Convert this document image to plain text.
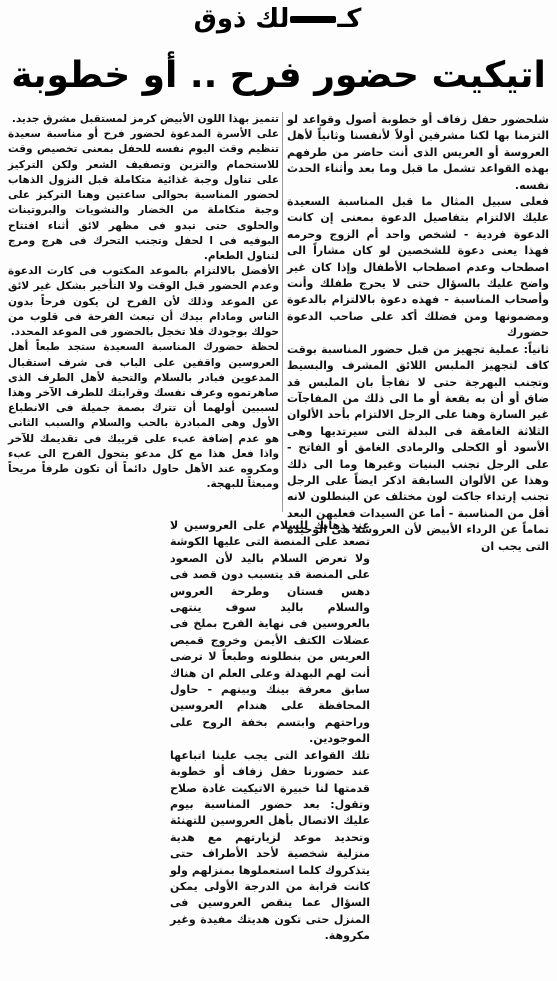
كـ
لك ذوق
اتيكيت حضور فرح .. أو خطوبة

شلحضور حفل زفاف أو خطوبة أصول وقواعد لو التزمنا بها لكنا مشرفين أولاً لأنفسنا وثانياً لأهل العروسة أو العريس الذى أنت حاضر من طرفهم بهذه القواعد تشمل ما قبل وما بعد وأثناء الحدث نفسه.

فعلى سبيل المثال ما قبل المناسبة السعيدة عليك الالتزام بتفاصيل الدعوة بمعنى إن كانت الدعوة فردية - لشخص واحد أم الزوج وحرمه فهذا يعنى دعوة للشخصين لو كان مشاراً الى اصطحاب وعدم اصطحاب الأطفال وإذا كان غير واضح عليك بالسؤال حتى لا يحرج طفلك وأنت وأصحاب المناسبة - فهذه دعوة بالالتزام بالدعوة ومضمونها ومن فضلك أكد على صاحب الدعوة حضورك

ثانياً: عملية تجهيز من قبل حضور المناسبة بوقت كاف لتجهيز الملبس اللائق المشرف والبسيط وتجنب البهرجة حتى لا تفاجأ بان الملبس قد ضاق أو أن به بقعة أو ما الى ذلك من المفاجآت غير السارة وهنا على الرجل الالتزام بأحد الألوان الثلاثة الغامقة فى البدلة التى سيرتديها وهى الأسود أو الكحلى والرمادى الغامق أو الفاتح - على الرجل تجنب البنيات وغيرها وما الى ذلك وهذا عن الألوان السابقة اذكر ايضاً على الرجل تجنب إرتداء جاكت لون مختلف عن البنطلون لانه أقل من المناسبة - أما عن السيدات فعليهن البعد تماماً عن الرداء الأبيض لأن العروسة هى الوحيدة التى يجب ان

تتميز بهذا اللون الأبيض كرمز لمستقبل مشرق جديد.

على الأسرة المدعوة لحضور فرح أو مناسبة سعيدة تنظيم وقت اليوم نفسه للحفل بمعنى تخصيص وقت للاستحمام والتزين وتصفيف الشعر ولكن التركيز على تناول وجبة غذائية متكاملة قبل النزول الذهاب لحضور المناسبة بحوالى ساعتين وهنا التركيز على وجبة متكاملة من الخضار والنشويات والبروتينات والحلوى حتى تبدو فى مظهر لائق أثناء افتتاح البوفيه فى ا لحفل وتجنب التحرك فى هرج ومرج لتناول الطعام.

الأفضل بالالتزام بالموعد المكتوب فى كارت الدعوة وعدم الحضور قبل الوقت ولا التأخير بشكل غير لائق عن الموعد وذلك لأن الفرح لن يكون فرحاً بدون الناس ومادام بيدك أن تبعث الفرحة فى قلوب من حولك بوجودك فلا تخجل بالحضور فى الموعد المحدد.

لحظة حضورك المناسبة السعيدة ستجد طبعاً أهل العروسين واقفين على الباب فى شرف استقبال المدعوين فبادر بالسلام والتحية لأهل الطرف الذى صاهرتموه وعرف نفسك وقرابتك للطرف الآخر وهذا لسببين أولهما أن تترك بصمة جميلة فى الانطباع الأول وهى المبادرة بالحب والسلام والسبب الثانى هو عدم إضافة عبء على قريبك فى تقديمك للآخر واذا فعل هذا مع كل مدعو يتحول الفرح الى عبء ومكروه عند الأهل حاول دائماً أن تكون طرفاً مريحاً ومبعثاً للبهجة.

عند ذهابك للسلام على العروسين لا تصعد على المنصة التى عليها الكوشة ولا تعرض السلام باليد لأن الصعود على المنصة قد يتسبب دون قصد فى دهس فستان وطرحة العروس والسلام باليد سوف ينتهى بالعروسين فى نهاية الفرح بملخ فى عضلات الكتف الأيمن وخروج قميص العريس من بنطلونه وطبعاً لا ترضى أنت لهم البهدلة وعلى العلم ان هناك سابق معرفة بينك وبينهم - حاول المحافظة على هندام العروسين وراحتهم وابتسم بخفة الروح على الموجودين.

تلك القواعد التى يجب علينا اتباعها عند حضورنا حفل زفاف أو خطوبة قدمتها لنا خبيرة الاتيكيت غادة صلاح وتقول: بعد حضور المناسبة بيوم عليك الاتصال بأهل العروسين للتهنئة وتحديد موعد لزيارتهم مع هدية منزلية شخصية لأحد الأطراف حتى يتذكروك كلما استعملوها بمنزلهم ولو كانت قرابة من الدرجة الأولى يمكن السؤال عما ينقص العروسين فى المنزل حتى تكون هديتك مفيدة وغير مكروهة.
